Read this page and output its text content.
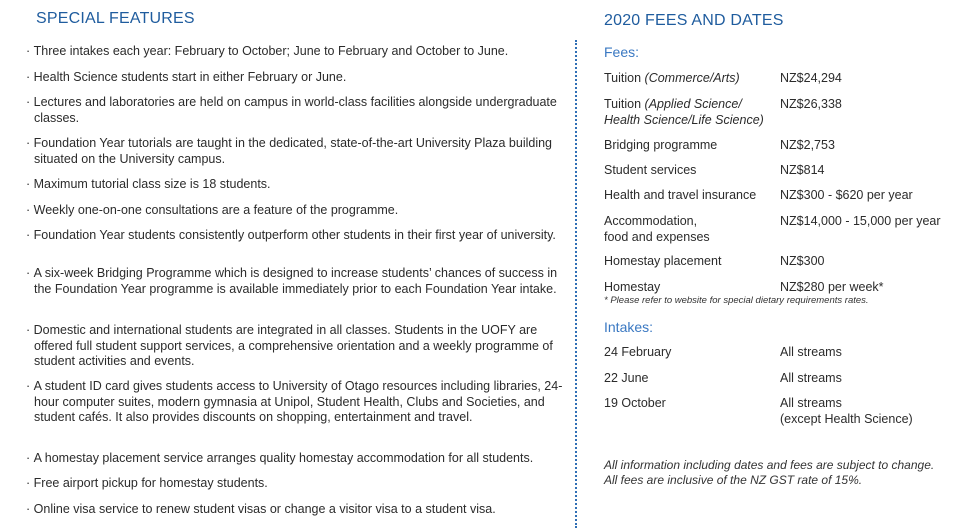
SPECIAL FEATURES
· Three intakes each year: February to October; June to February and October to June.
· Health Science students start in either February or June.
· Lectures and laboratories are held on campus in world-class facilities alongside undergraduate classes.
· Foundation Year tutorials are taught in the dedicated, state-of-the-art University Plaza building situated on the University campus.
· Maximum tutorial class size is 18 students.
· Weekly one-on-one consultations are a feature of the programme.
· Foundation Year students consistently outperform other students in their first year of university.
· A six-week Bridging Programme which is designed to increase students’ chances of success in the Foundation Year programme is available immediately prior to each Foundation Year intake.
· Domestic and international students are integrated in all classes. Students in the UOFY are offered full student support services, a comprehensive orientation and a weekly programme of student activities and events.
· A student ID card gives students access to University of Otago resources including libraries, 24-hour computer suites, modern gymnasia at Unipol, Student Health, Clubs and Societies, and student cafés. It also provides discounts on shopping, entertainment and travel.
· A homestay placement service arranges quality homestay accommodation for all students.
· Free airport pickup for homestay students.
· Online visa service to renew student visas or change a visitor visa to a student visa.
2020 FEES AND DATES
Fees:
Tuition (Commerce/Arts)	NZ$24,294
Tuition (Applied Science/
Health Science/Life Science)
NZ$26,338
Bridging programme	NZ$2,753
Student services	NZ$814
Health and travel insurance	NZ$300 - $620 per year
Accommodation,
food and expenses
NZ$14,000 - 15,000 per year
Homestay placement	NZ$300
Homestay	NZ$280 per week*
* Please refer to website for special dietary requirements rates.
Intakes:
24 February	All streams
22 June	All streams
19 October	All streams
(except Health Science)
All information including dates and fees are subject to change.
All fees are inclusive of the NZ GST rate of 15%.
